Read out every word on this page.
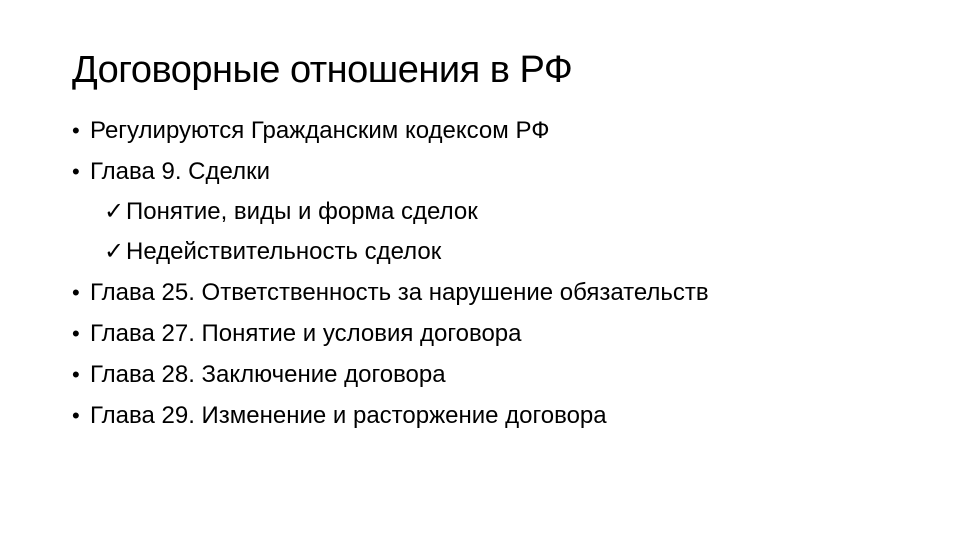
Договорные отношения в РФ
• Регулируются Гражданским кодексом РФ
• Глава 9. Сделки
✓ Понятие, виды и форма сделок
✓ Недействительность сделок
• Глава 25. Ответственность за нарушение обязательств
• Глава 27. Понятие и условия договора
• Глава 28. Заключение договора
• Глава 29. Изменение и расторжение договора
